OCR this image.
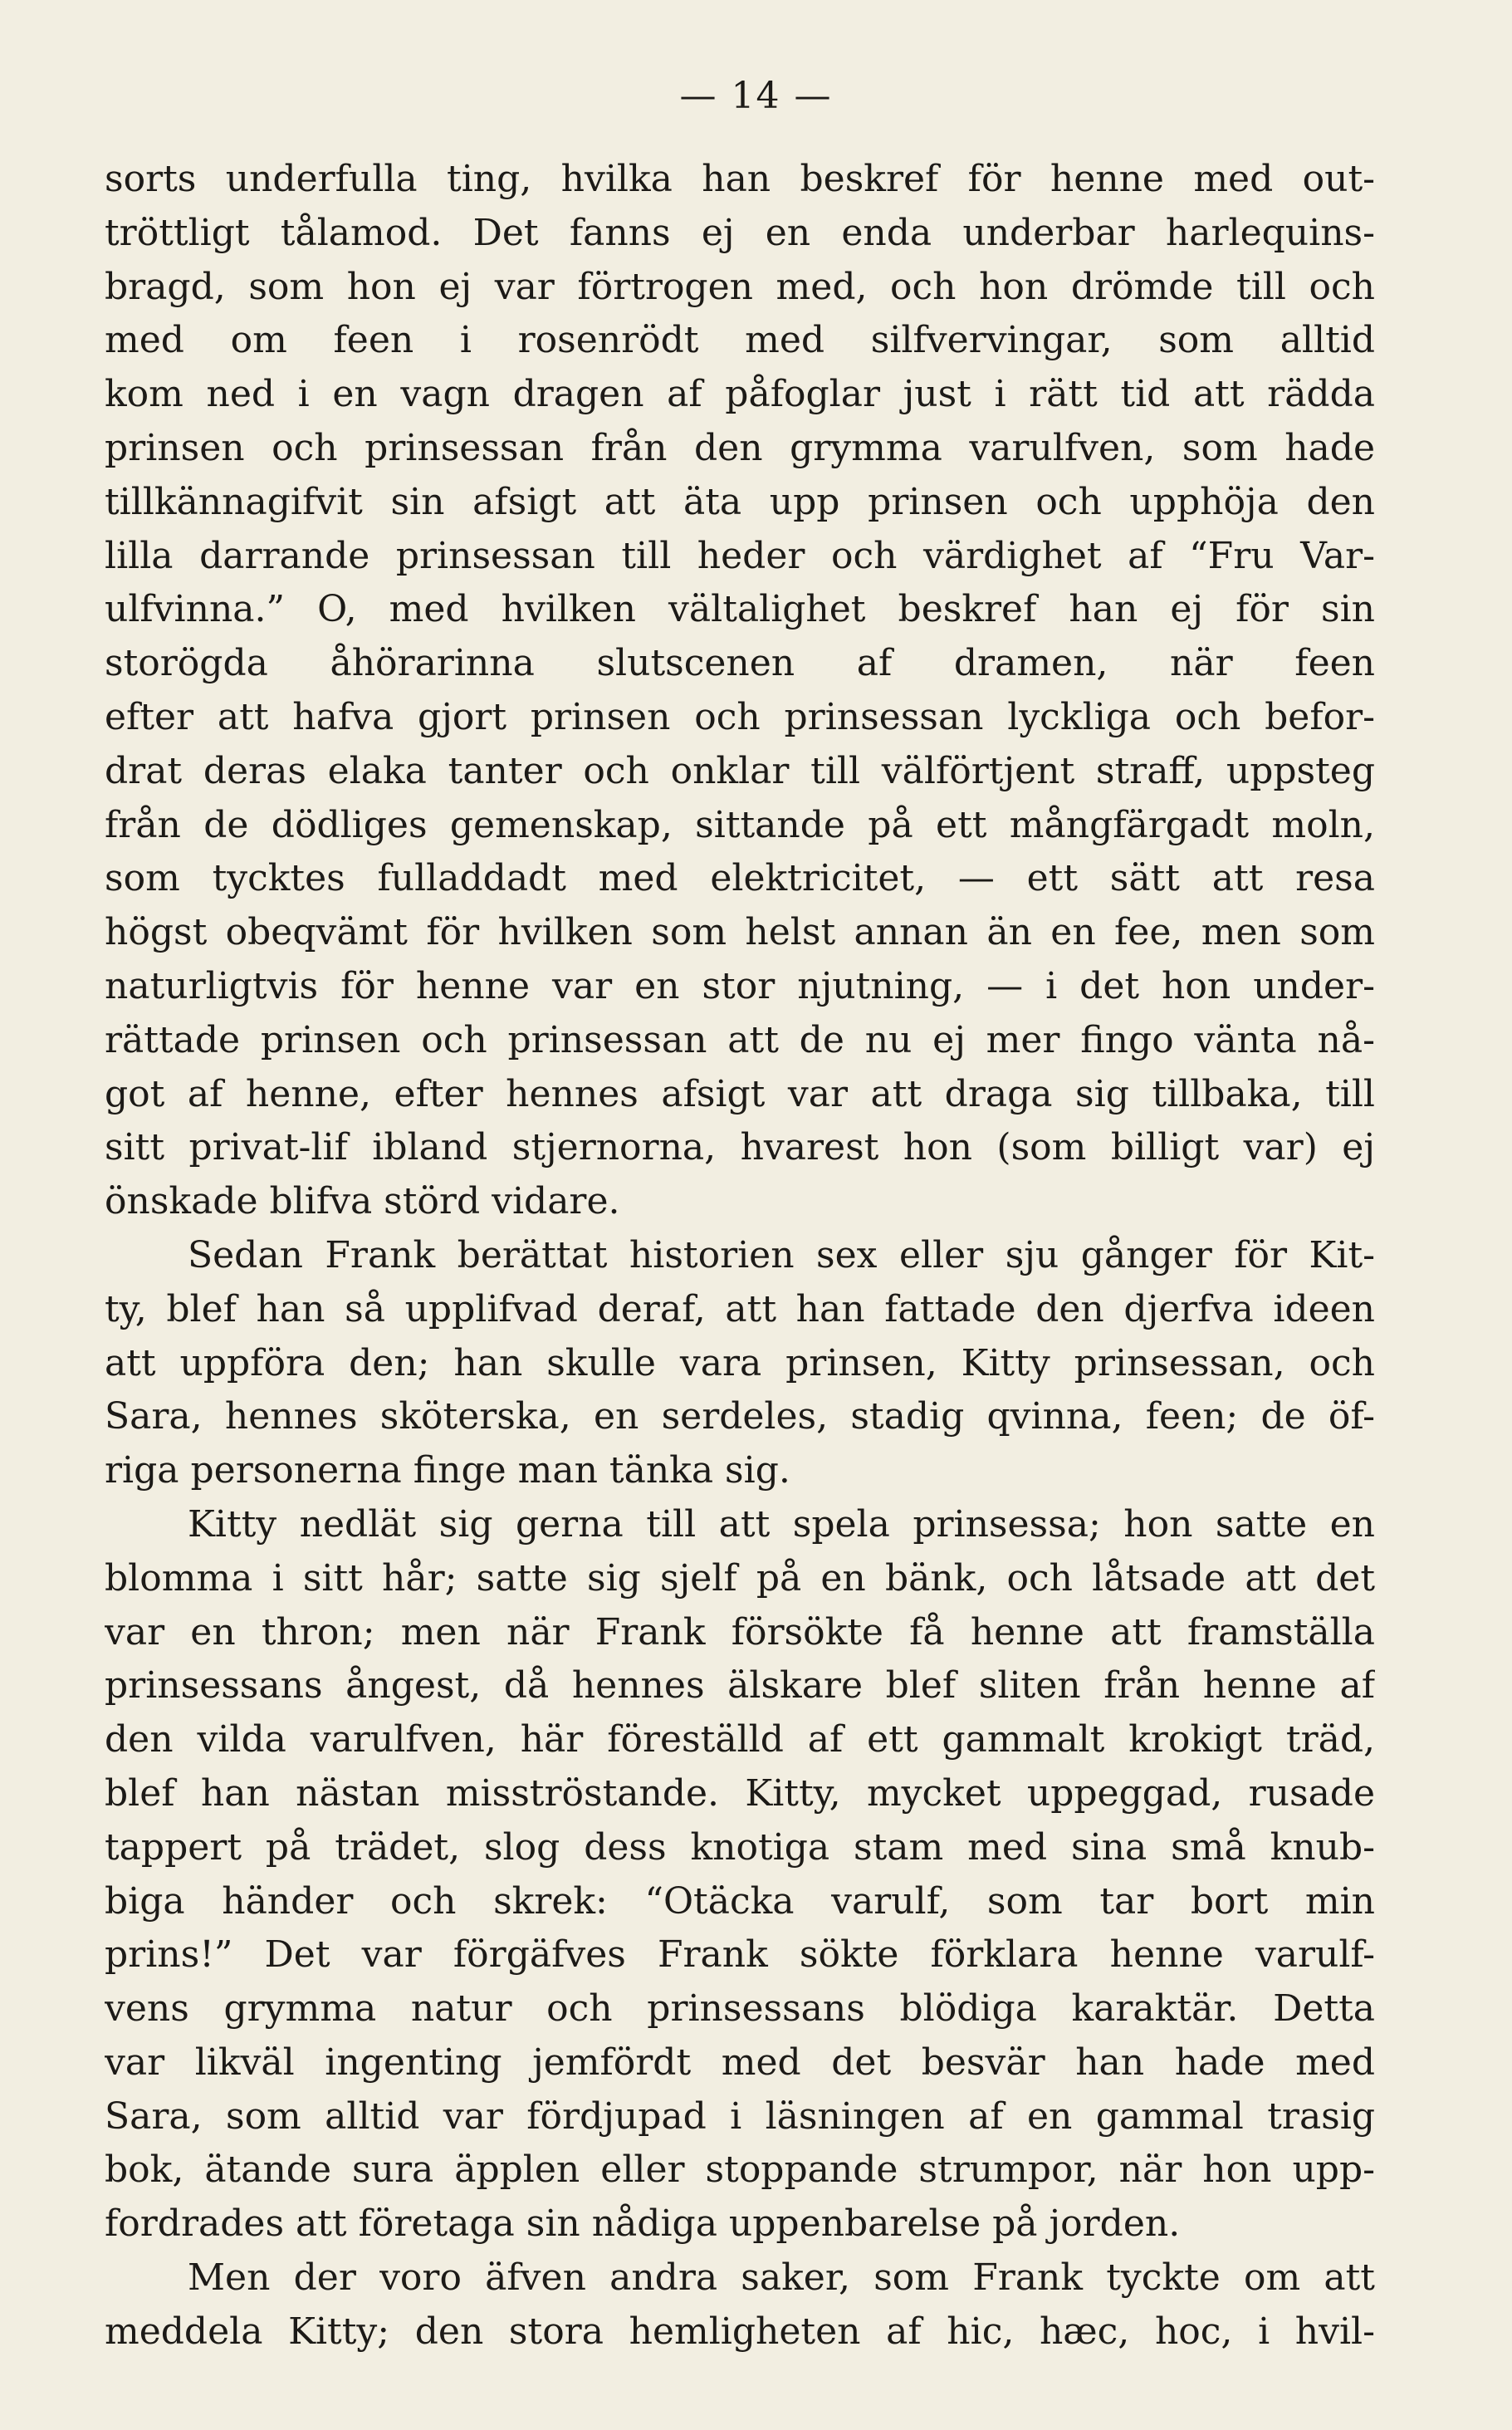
— 14 —
sorts underfulla ting, hvilka han beskref för henne med out-
tröttligt tålamod. Det fanns ej en enda underbar harlequins-
bragd, som hon ej var förtrogen med, och hon drömde till och
med om feen i rosenrödt med silfvervingar, som alltid
kom ned i en vagn dragen af påfoglar just i rätt tid att rädda
prinsen och prinsessan från den grymma varulfven, som hade
tillkännagifvit sin afsigt att äta upp prinsen och upphöja den
lilla darrande prinsessan till heder och värdighet af “Fru Var-
ulfvinna.” O, med hvilken vältalighet beskref han ej för sin
storögda åhörarinna slutscenen af dramen, när feen
efter att hafva gjort prinsen och prinsessan lyckliga och befor-
drat deras elaka tanter och onklar till välförtjent straff, uppsteg
från de dödliges gemenskap, sittande på ett mångfärgadt moln,
som tycktes fulladdadt med elektricitet, — ett sätt att resa
högst obeqvämt för hvilken som helst annan än en fee, men som
naturligtvis för henne var en stor njutning, — i det hon under-
rättade prinsen och prinsessan att de nu ej mer fingo vänta nå-
got af henne, efter hennes afsigt var att draga sig tillbaka, till
sitt privat-lif ibland stjernorna, hvarest hon (som billigt var) ej
önskade blifva störd vidare.
Sedan Frank berättat historien sex eller sju gånger för Kit-
ty, blef han så upplifvad deraf, att han fattade den djerfva ideen
att uppföra den; han skulle vara prinsen, Kitty prinsessan, och
Sara, hennes sköterska, en serdeles, stadig qvinna, feen; de öf-
riga personerna finge man tänka sig.
Kitty nedlät sig gerna till att spela prinsessa; hon satte en
blomma i sitt hår; satte sig sjelf på en bänk, och låtsade att det
var en thron; men när Frank försökte få henne att framställa
prinsessans ångest, då hennes älskare blef sliten från henne af
den vilda varulfven, här föreställd af ett gammalt krokigt träd,
blef han nästan misströstande. Kitty, mycket uppeggad, rusade
tappert på trädet, slog dess knotiga stam med sina små knub-
biga händer och skrek: “Otäcka varulf, som tar bort min
prins!” Det var förgäfves Frank sökte förklara henne varulf-
vens grymma natur och prinsessans blödiga karaktär. Detta
var likväl ingenting jemfördt med det besvär han hade med
Sara, som alltid var fördjupad i läsningen af en gammal trasig
bok, ätande sura äpplen eller stoppande strumpor, när hon upp-
fordrades att företaga sin nådiga uppenbarelse på jorden.
Men der voro äfven andra saker, som Frank tyckte om att
meddela Kitty; den stora hemligheten af hic, hæc, hoc, i hvil-
